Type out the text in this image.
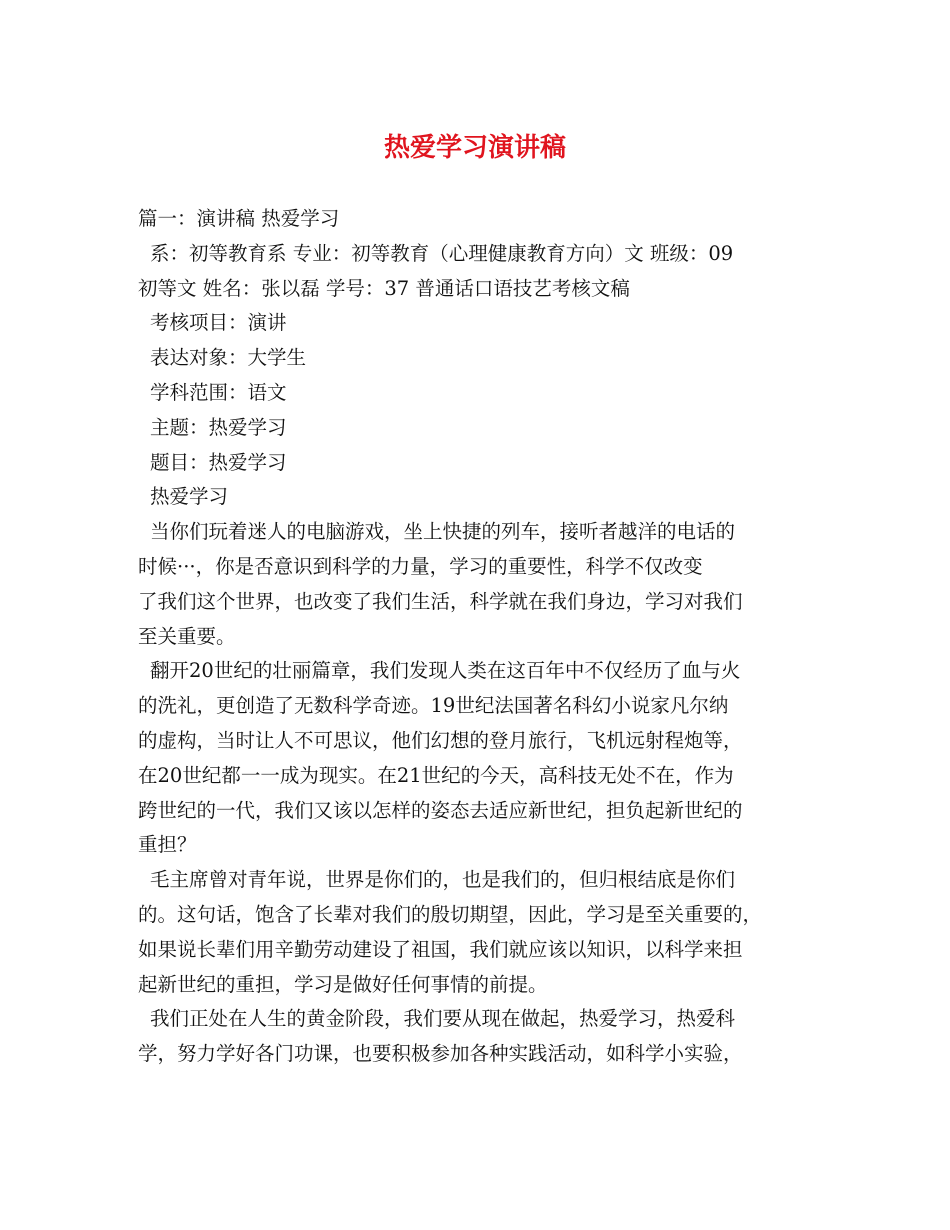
热爱学习演讲稿

篇一：演讲稿 热爱学习

系：初等教育系 专业：初等教育（心理健康教育方向）文 班级：09

初等文 姓名：张以磊 学号：37 普通话口语技艺考核文稿

考核项目：演讲

表达对象：大学生

学科范围：语文

主题：热爱学习

题目：热爱学习

热爱学习

当你们玩着迷人的电脑游戏，坐上快捷的列车，接听者越洋的电话的

时候···，你是否意识到科学的力量，学习的重要性，科学不仅改变

了我们这个世界，也改变了我们生活，科学就在我们身边，学习对我们

至关重要。

翻开20世纪的壮丽篇章，我们发现人类在这百年中不仅经历了血与火

的洗礼，更创造了无数科学奇迹。19世纪法国著名科幻小说家凡尔纳

的虚构，当时让人不可思议，他们幻想的登月旅行，飞机远射程炮等，

在20世纪都一一成为现实。在21世纪的今天，高科技无处不在，作为

跨世纪的一代，我们又该以怎样的姿态去适应新世纪，担负起新世纪的

重担？

毛主席曾对青年说，世界是你们的，也是我们的，但归根结底是你们

的。这句话，饱含了长辈对我们的殷切期望，因此，学习是至关重要的，

如果说长辈们用辛勤劳动建设了祖国，我们就应该以知识，以科学来担

起新世纪的重担，学习是做好任何事情的前提。

我们正处在人生的黄金阶段，我们要从现在做起，热爱学习，热爱科

学，努力学好各门功课，也要积极参加各种实践活动，如科学小实验，
